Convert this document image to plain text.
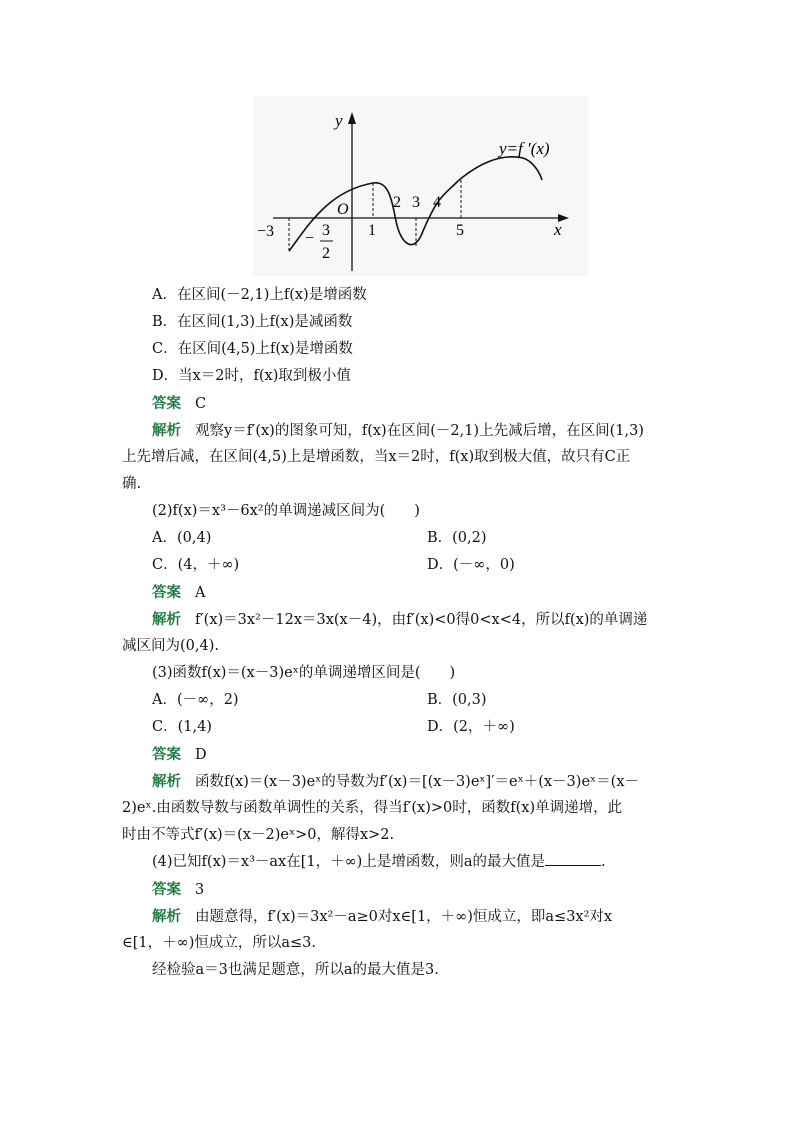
y
x
y=f ′(x)
O
−3 − 3
2
1
2 3 4
5
A．在区间(－2,1)上f(x)是增函数
B．在区间(1,3)上f(x)是减函数
C．在区间(4,5)上f(x)是增函数
D．当x＝2时，f(x)取到极小值
答案 C
解析 观察y＝f′(x)的图象可知，f(x)在区间(－2,1)上先减后增，在区间(1,3)
上先增后减，在区间(4,5)上是增函数，当x＝2时，f(x)取到极大值，故只有C正
确.
(2)f(x)＝x³－6x²的单调递减区间为(　　)
A．(0,4)	B．(0,2)
C．(4，＋∞)	D．(－∞，0)
答案 A
解析 f′(x)＝3x²－12x＝3x(x－4)，由f′(x)<0得0<x<4，所以f(x)的单调递
减区间为(0,4).
(3)函数f(x)＝(x－3)eˣ的单调递增区间是(　　)
A．(－∞，2)	B．(0,3)
C．(1,4)	D．(2，＋∞)
答案 D
解析 函数f(x)＝(x－3)eˣ的导数为f′(x)＝[(x－3)eˣ]′＝eˣ＋(x－3)eˣ＝(x－
2)eˣ.由函数导数与函数单调性的关系，得当f′(x)>0时，函数f(x)单调递增，此
时由不等式f′(x)＝(x－2)eˣ>0，解得x>2.
(4)已知f(x)＝x³－ax在[1，＋∞)上是增函数，则a的最大值是	.
答案 3
解析 由题意得，f′(x)＝3x²－a≥0对x∈[1，＋∞)恒成立，即a≤3x²对x
∈[1，＋∞)恒成立，所以a≤3.
经检验a＝3也满足题意，所以a的最大值是3.
